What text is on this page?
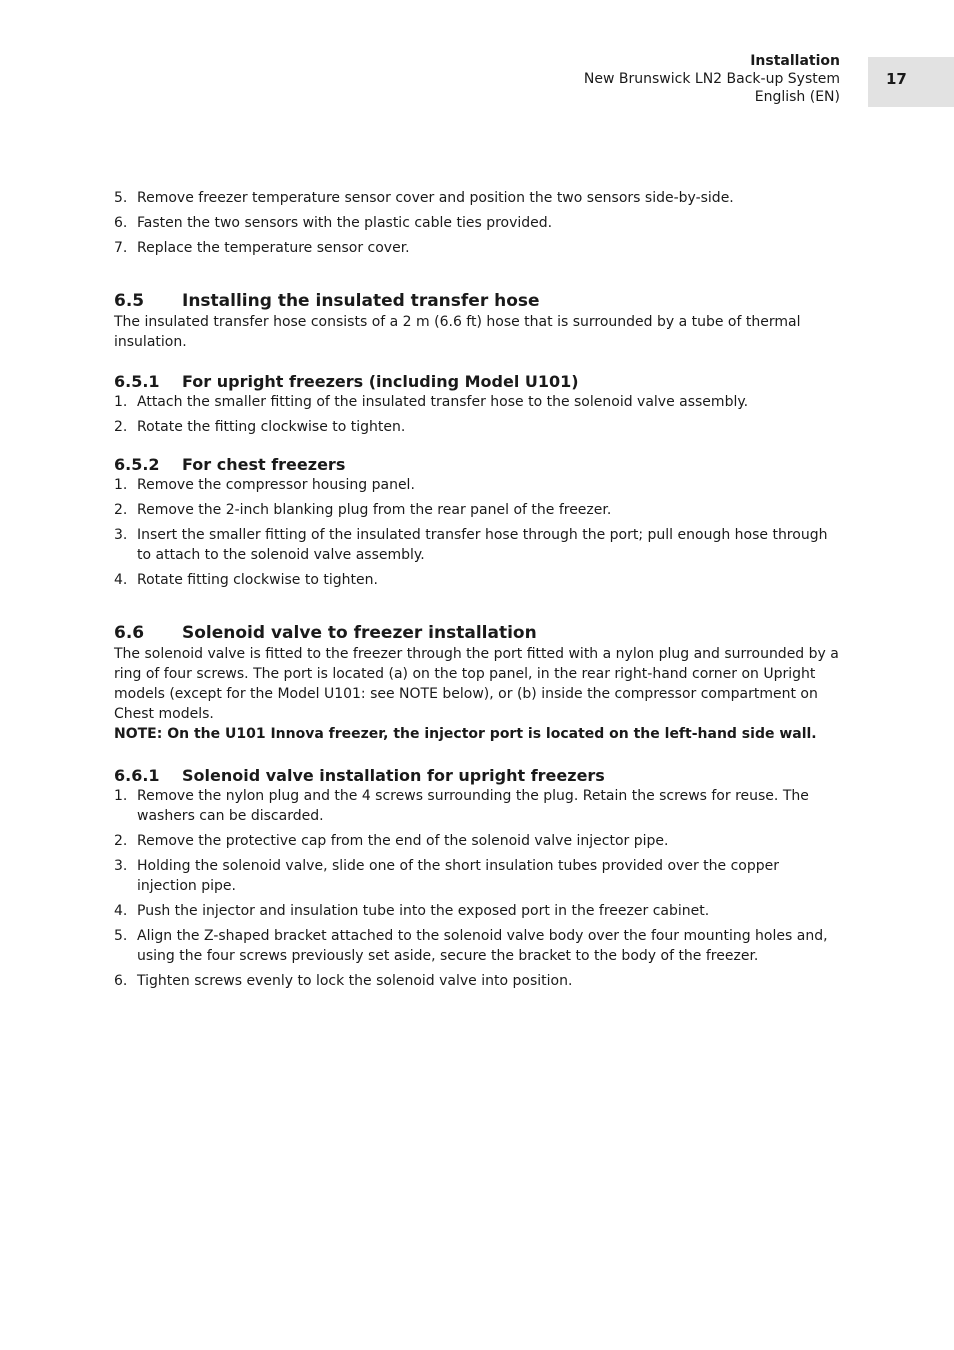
Installation
New Brunswick LN2 Back-up System
English (EN)
17
5. Remove freezer temperature sensor cover and position the two sensors side-by-side.
6. Fasten the two sensors with the plastic cable ties provided.
7. Replace the temperature sensor cover.
6.5	Installing the insulated transfer hose

The insulated transfer hose consists of a 2 m (6.6 ft) hose that is surrounded by a tube of thermal insulation.

6.5.1	For upright freezers (including Model U101)
1. Attach the smaller fitting of the insulated transfer hose to the solenoid valve assembly.
2. Rotate the fitting clockwise to tighten.
6.5.2	For chest freezers
1. Remove the compressor housing panel.
2. Remove the 2-inch blanking plug from the rear panel of the freezer.
3. Insert the smaller fitting of the insulated transfer hose through the port; pull enough hose through to attach to the solenoid valve assembly.
4. Rotate fitting clockwise to tighten.
6.6	Solenoid valve to freezer installation

The solenoid valve is fitted to the freezer through the port fitted with a nylon plug and surrounded by a ring of four screws. The port is located (a) on the top panel, in the rear right-hand corner on Upright models (except for the Model U101: see NOTE below), or (b) inside the compressor compartment on Chest models.

NOTE: On the U101 Innova freezer, the injector port is located on the left-hand side wall.

6.6.1	Solenoid valve installation for upright freezers
1. Remove the nylon plug and the 4 screws surrounding the plug. Retain the screws for reuse. The washers can be discarded.
2. Remove the protective cap from the end of the solenoid valve injector pipe.
3. Holding the solenoid valve, slide one of the short insulation tubes provided over the copper injection pipe.
4. Push the injector and insulation tube into the exposed port in the freezer cabinet.
5. Align the Z-shaped bracket attached to the solenoid valve body over the four mounting holes and, using the four screws previously set aside, secure the bracket to the body of the freezer.
6. Tighten screws evenly to lock the solenoid valve into position.
